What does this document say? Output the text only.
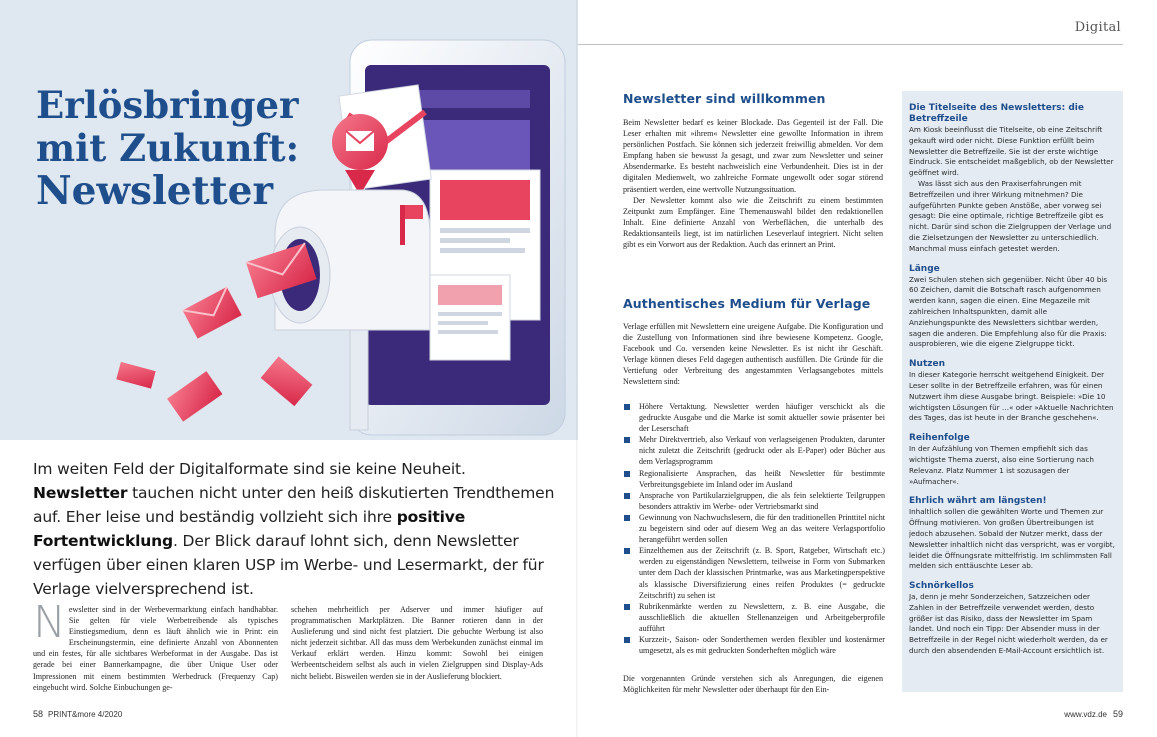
Erlösbringer
mit Zukunft:
Newsletter

Im weiten Feld der Digitalformate sind sie keine Neuheit. Newsletter tauchen nicht unter den heiß diskutierten Trendthemen auf. Eher leise und beständig vollzieht sich ihre positive Fortentwicklung. Der Blick darauf lohnt sich, denn Newsletter verfügen über einen klaren USP im Werbe- und Lesermarkt, der für Verlage vielversprechend ist.

Newsletter sind in der Werbevermarktung einfach handhabbar. Sie gelten für viele Werbetreibende als typisches Einstiegsmedium, denn es läuft ähnlich wie in Print: ein Erscheinungstermin, eine definierte Anzahl von Abonnenten und ein festes, für alle sichtbares Werbeformat in der Ausgabe. Das ist gerade bei einer Bannerkampagne, die über Unique User oder Impressionen mit einem bestimmten Werbedruck (Frequenzy Cap) eingebucht wird. Solche Einbuchungen ge-
schehen mehrheitlich per Adserver und immer häufiger auf programmatischen Marktplätzen. Die Banner rotieren dann in der Auslieferung und sind nicht fest platziert. Die gebuchte Werbung ist also nicht jederzeit sichtbar. All das muss dem Werbekunden zunächst einmal im Verkauf erklärt werden. Hinzu kommt: Sowohl bei einigen Werbeentscheidern selbst als auch in vielen Zielgruppen sind Display-Ads nicht beliebt. Bisweilen werden sie in der Auslieferung blockiert.
58 PRINT&more 4/2020
Digital
Newsletter sind willkommen

Beim Newsletter bedarf es keiner Blockade. Das Gegenteil ist der Fall. Die Leser erhalten mit »ihrem« Newsletter eine gewollte Information in ihrem persönlichen Postfach. Sie können sich jederzeit freiwillig abmelden. Vor dem Empfang haben sie bewusst Ja gesagt, und zwar zum Newsletter und seiner Absendermarke. Es besteht nachweislich eine Verbundenheit. Dies ist in der digitalen Medienwelt, wo zahlreiche Formate ungewollt oder sogar störend präsentiert werden, eine wertvolle Nutzungssituation.

Der Newsletter kommt also wie die Zeitschrift zu einem bestimmten Zeitpunkt zum Empfänger. Eine Themenauswahl bildet den redaktionellen Inhalt. Eine definierte Anzahl von Werbeflächen, die unterhalb des Redaktionsanteils liegt, ist im natürlichen Leseverlauf integriert. Nicht selten gibt es ein Vorwort aus der Redaktion. Auch das erinnert an Print.

Authentisches Medium für Verlage

Verlage erfüllen mit Newslettern eine ureigene Aufgabe. Die Konfiguration und die Zustellung von Informationen sind ihre bewiesene Kompetenz. Google, Facebook und Co. versenden keine Newsletter. Es ist nicht ihr Geschäft. Verlage können dieses Feld dagegen authentisch ausfüllen. Die Gründe für die Vertiefung oder Verbreitung des angestammten Verlagsangebotes mittels Newslettern sind:

Höhere Vertaktung. Newsletter werden häufiger verschickt als die gedruckte Ausgabe und die Marke ist somit aktueller sowie präsenter bei der Leserschaft
Mehr Direktvertrieb, also Verkauf von verlagseigenen Produkten, darunter nicht zuletzt die Zeitschrift (gedruckt oder als E-Paper) oder Bücher aus dem Verlagsprogramm
Regionalisierte Ansprachen, das heißt Newsletter für bestimmte Verbreitungsgebiete im Inland oder im Ausland
Ansprache von Partikularzielgruppen, die als fein selektierte Teilgruppen besonders attraktiv im Werbe- oder Vertriebsmarkt sind
Gewinnung von Nachwuchslesern, die für den traditionellen Printtitel nicht zu begeistern sind oder auf diesem Weg an das weitere Verlagsportfolio herangeführt werden sollen
Einzelthemen aus der Zeitschrift (z. B. Sport, Ratgeber, Wirtschaft etc.) werden zu eigenständigen Newslettern, teilweise in Form von Submarken unter dem Dach der klassischen Printmarke, was aus Marketingperspektive als klassische Diversifizierung eines reifen Produktes (= gedruckte Zeitschrift) zu sehen ist
Rubrikenmärkte werden zu Newslettern, z. B. eine Ausgabe, die ausschließlich die aktuellen Stellenanzeigen und Arbeitgeberprofile aufführt
Kurzzeit-, Saison- oder Sonderthemen werden flexibler und kostenärmer umgesetzt, als es mit gedruckten Sonderheften möglich wäre

Die vorgenannten Gründe verstehen sich als Anregungen, die eigenen Möglichkeiten für mehr Newsletter oder überhaupt für den Ein-

Die Titelseite des Newsletters: die Betreffzeile
Am Kiosk beeinflusst die Titelseite, ob eine Zeitschrift gekauft wird oder nicht. Diese Funktion erfüllt beim Newsletter die Betreffzeile. Sie ist der erste wichtige Eindruck. Sie entscheidet maßgeblich, ob der Newsletter geöffnet wird.
Was lässt sich aus den Praxiserfahrungen mit Betreffzeilen und ihrer Wirkung mitnehmen? Die aufgeführten Punkte geben Anstöße, aber vorweg sei gesagt: Die eine optimale, richtige Betreffzeile gibt es nicht. Darür sind schon die Zielgruppen der Verlage und die Zielsetzungen der Newsletter zu unterschiedlich. Manchmal muss einfach getestet werden.
Länge
Zwei Schulen stehen sich gegenüber. Nicht über 40 bis 60 Zeichen, damit die Botschaft rasch aufgenommen werden kann, sagen die einen. Eine Megazeile mit zahlreichen Inhaltspunkten, damit alle Anziehungspunkte des Newsletters sichtbar werden, sagen die anderen. Die Empfehlung also für die Praxis: ausprobieren, wie die eigene Zielgruppe tickt.
Nutzen
In dieser Kategorie herrscht weitgehend Einigkeit. Der Leser sollte in der Betreffzeile erfahren, was für einen Nutzwert ihm diese Ausgabe bringt. Beispiele: »Die 10 wichtigsten Lösungen für …« oder »Aktuelle Nachrichten des Tages, das ist heute in der Branche geschehen«.
Reihenfolge
In der Aufzählung von Themen empfiehlt sich das wichtigste Thema zuerst, also eine Sortierung nach Relevanz. Platz Nummer 1 ist sozusagen der »Aufmacher«.
Ehrlich währt am längsten!
Inhaltlich sollen die gewählten Worte und Themen zur Öffnung motivieren. Von großen Übertreibungen ist jedoch abzusehen. Sobald der Nutzer merkt, dass der Newsletter inhaltlich nicht das verspricht, was er vorgibt, leidet die Öffnungsrate mittelfristig. Im schlimmsten Fall melden sich enttäuschte Leser ab.
Schnörkellos
Ja, denn je mehr Sonderzeichen, Satzzeichen oder Zahlen in der Betreffzeile verwendet werden, desto größer ist das Risiko, dass der Newsletter im Spam landet. Und noch ein Tipp: Der Absender muss in der Betreffzeile in der Regel nicht wiederholt werden, da er durch den absendenden E-Mail-Account ersichtlich ist.
www.vdz.de 59
